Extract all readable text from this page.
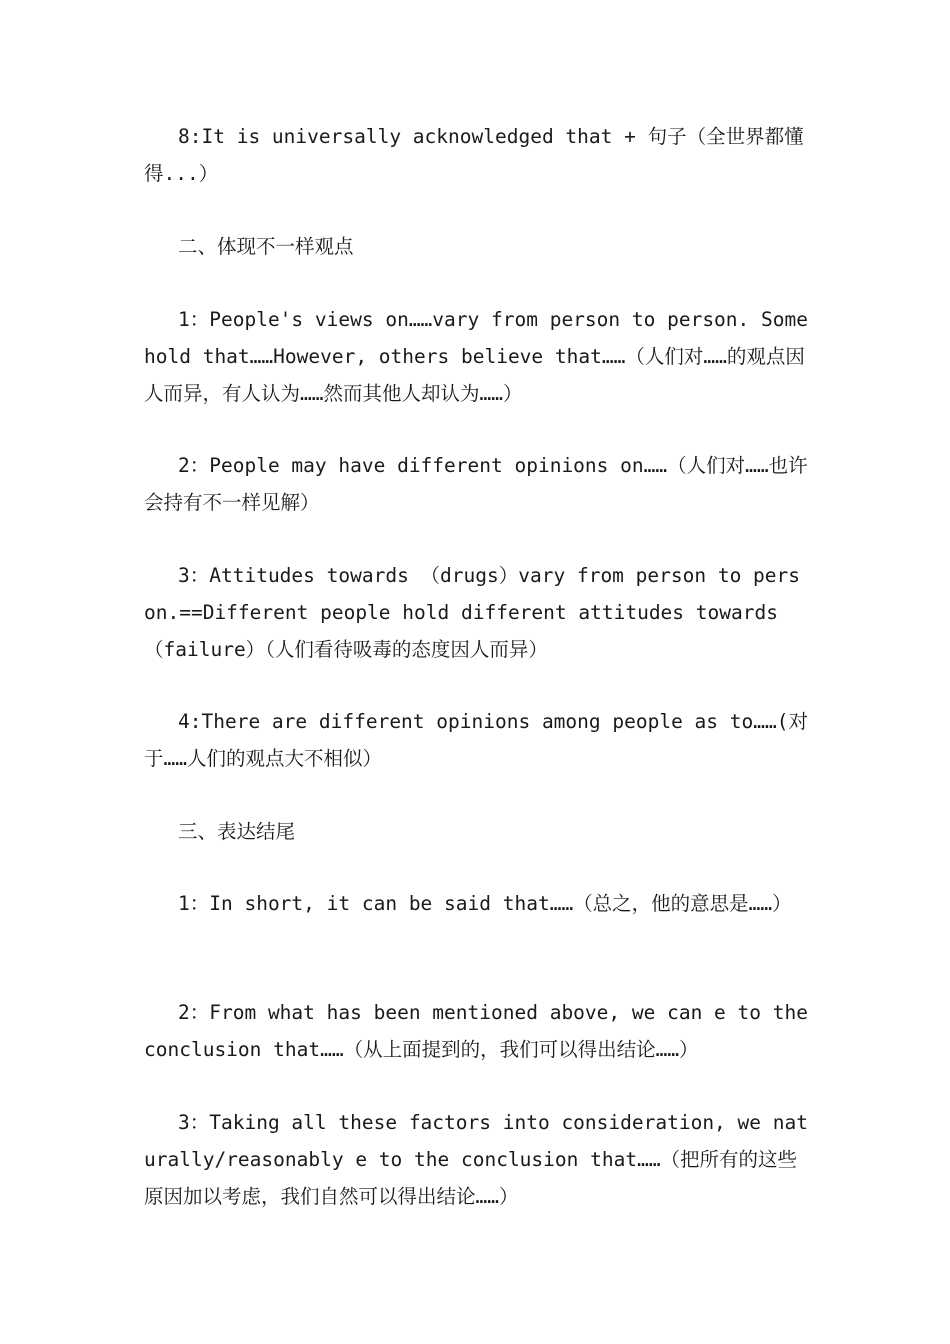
8:It is universally acknowledged that + 句子（全世界都懂得...）

二、体现不一样观点

1：People's views on……vary from person to person. Some hold that……However, others believe that……（人们对……的观点因人而异，有人认为……然而其他人却认为……）

2：People may have different opinions on……（人们对……也许会持有不一样见解）

3：Attitudes towards （drugs）vary from person to person.==Different people hold different attitudes towards（failure）（人们看待吸毒的态度因人而异）

4:There are different opinions among people as to……(对于……人们的观点大不相似）

三、表达结尾

1：In short, it can be said that……（总之，他的意思是……）

2：From what has been mentioned above, we can e to the conclusion that……（从上面提到的，我们可以得出结论……）

3：Taking all these factors into consideration, we naturally/reasonably e to the conclusion that……（把所有的这些原因加以考虑，我们自然可以得出结论……）
